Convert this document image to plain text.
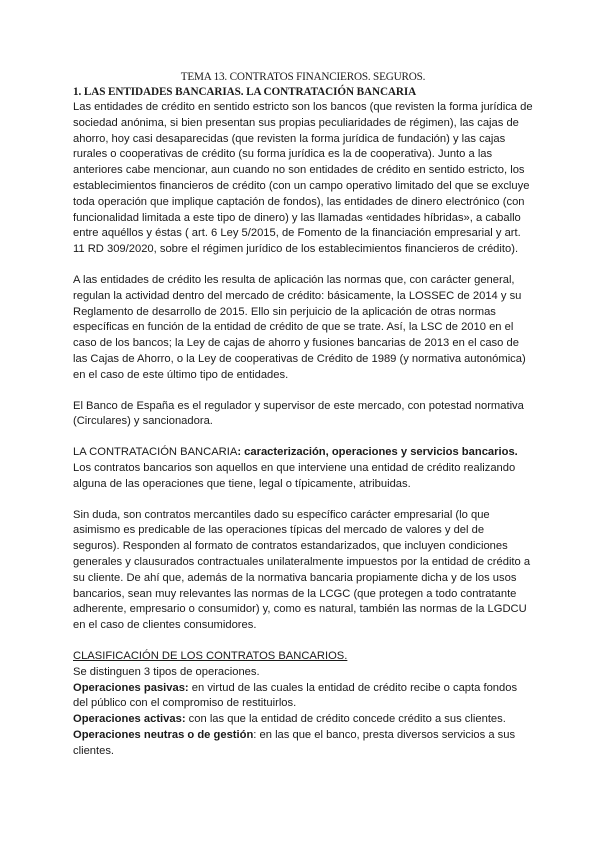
TEMA 13. CONTRATOS FINANCIEROS. SEGUROS.
1. LAS ENTIDADES BANCARIAS. LA CONTRATACIÓN BANCARIA

Las entidades de crédito en sentido estricto son los bancos (que revisten la forma jurídica de sociedad anónima, si bien presentan sus propias peculiaridades de régimen), las cajas de ahorro, hoy casi desaparecidas (que revisten la forma jurídica de fundación) y las cajas rurales o cooperativas de crédito (su forma jurídica es la de cooperativa). Junto a las anteriores cabe mencionar, aun cuando no son entidades de crédito en sentido estricto, los establecimientos financieros de crédito (con un campo operativo limitado del que se excluye toda operación que implique captación de fondos), las entidades de dinero electrónico (con funcionalidad limitada a este tipo de dinero) y las llamadas «entidades híbridas», a caballo entre aquéllos y éstas ( art. 6 Ley 5/2015, de Fomento de la financiación empresarial y art. 11 RD 309/2020, sobre el régimen jurídico de los establecimientos financieros de crédito).

A las entidades de crédito les resulta de aplicación las normas que, con carácter general, regulan la actividad dentro del mercado de crédito: básicamente, la LOSSEC de 2014 y su Reglamento de desarrollo de 2015. Ello sin perjuicio de la aplicación de otras normas específicas en función de la entidad de crédito de que se trate. Así, la LSC de 2010 en el caso de los bancos; la Ley de cajas de ahorro y fusiones bancarias de 2013 en el caso de las Cajas de Ahorro, o la Ley de cooperativas de Crédito de 1989 (y normativa autonómica) en el caso de este último tipo de entidades.

El Banco de España es el regulador y supervisor de este mercado, con potestad normativa (Circulares) y sancionadora.

LA CONTRATACIÓN BANCARIA: caracterización, operaciones y servicios bancarios.

Los contratos bancarios son aquellos en que interviene una entidad de crédito realizando alguna de las operaciones que tiene, legal o típicamente, atribuidas.

Sin duda, son contratos mercantiles dado su específico carácter empresarial (lo que asimismo es predicable de las operaciones típicas del mercado de valores y del de seguros). Responden al formato de contratos estandarizados, que incluyen condiciones generales y clausurados contractuales unilateralmente impuestos por la entidad de crédito a su cliente. De ahí que, además de la normativa bancaria propiamente dicha y de los usos bancarios, sean muy relevantes las normas de la LCGC (que protegen a todo contratante adherente, empresario o consumidor) y, como es natural, también las normas de la LGDCU en el caso de clientes consumidores.

CLASIFICACIÓN DE LOS CONTRATOS BANCARIOS.

Se distinguen 3 tipos de operaciones.

Operaciones pasivas: en virtud de las cuales la entidad de crédito recibe o capta fondos del público con el compromiso de restituirlos.

Operaciones activas: con las que la entidad de crédito concede crédito a sus clientes.

Operaciones neutras o de gestión: en las que el banco, presta diversos servicios a sus clientes.
